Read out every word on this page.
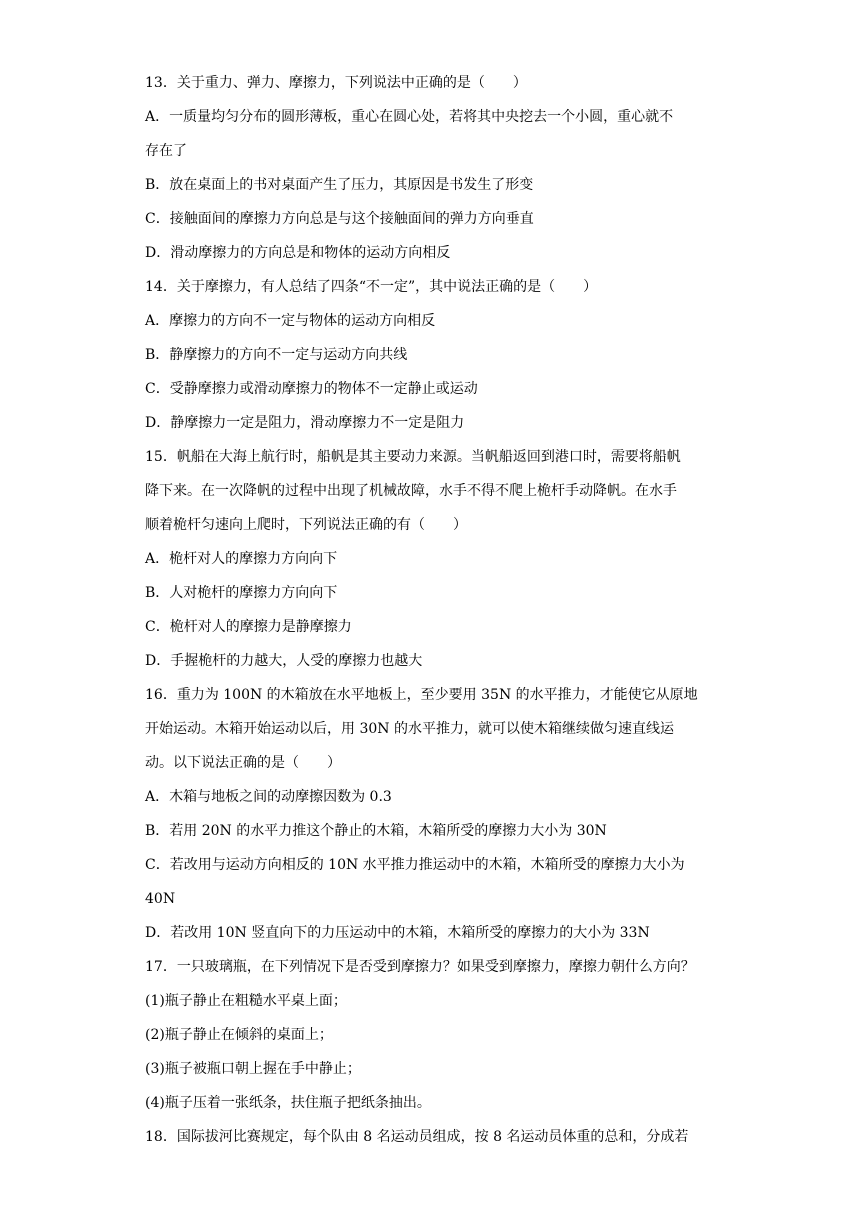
13．关于重力、弹力、摩擦力，下列说法中正确的是（　　）
A．一质量均匀分布的圆形薄板，重心在圆心处，若将其中央挖去一个小圆，重心就不
存在了
B．放在桌面上的书对桌面产生了压力，其原因是书发生了形变
C．接触面间的摩擦力方向总是与这个接触面间的弹力方向垂直
D．滑动摩擦力的方向总是和物体的运动方向相反
14．关于摩擦力，有人总结了四条“不一定”，其中说法正确的是（　　）
A．摩擦力的方向不一定与物体的运动方向相反
B．静摩擦力的方向不一定与运动方向共线
C．受静摩擦力或滑动摩擦力的物体不一定静止或运动
D．静摩擦力一定是阻力，滑动摩擦力不一定是阻力
15．帆船在大海上航行时，船帆是其主要动力来源。当帆船返回到港口时，需要将船帆
降下来。在一次降帆的过程中出现了机械故障，水手不得不爬上桅杆手动降帆。在水手
顺着桅杆匀速向上爬时，下列说法正确的有（　　）
A．桅杆对人的摩擦力方向向下
B．人对桅杆的摩擦力方向向下
C．桅杆对人的摩擦力是静摩擦力
D．手握桅杆的力越大，人受的摩擦力也越大
16．重力为 100N 的木箱放在水平地板上，至少要用 35N 的水平推力，才能使它从原地
开始运动。木箱开始运动以后，用 30N 的水平推力，就可以使木箱继续做匀速直线运
动。以下说法正确的是（　　）
A．木箱与地板之间的动摩擦因数为 0.3
B．若用 20N 的水平力推这个静止的木箱，木箱所受的摩擦力大小为 30N
C．若改用与运动方向相反的 10N 水平推力推运动中的木箱，木箱所受的摩擦力大小为
40N
D．若改用 10N 竖直向下的力压运动中的木箱，木箱所受的摩擦力的大小为 33N
17．一只玻璃瓶，在下列情况下是否受到摩擦力？如果受到摩擦力，摩擦力朝什么方向？
(1)瓶子静止在粗糙水平桌上面；
(2)瓶子静止在倾斜的桌面上；
(3)瓶子被瓶口朝上握在手中静止；
(4)瓶子压着一张纸条，扶住瓶子把纸条抽出。
18．国际拔河比赛规定，每个队由 8 名运动员组成，按 8 名运动员体重的总和，分成若
